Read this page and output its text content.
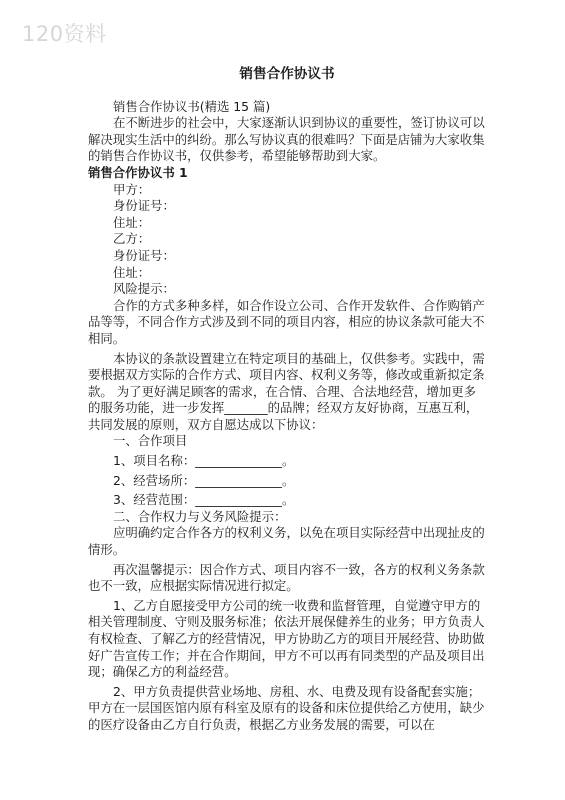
120资料

销售合作协议书

销售合作协议书(精选 15 篇)

在不断进步的社会中，大家逐渐认识到协议的重要性，签订协议可以解决现实生活中的纠纷。那么写协议真的很难吗？下面是店铺为大家收集的销售合作协议书，仅供参考，希望能够帮助到大家。

销售合作协议书 1

甲方：

身份证号：

住址：

乙方：

身份证号：

住址：

风险提示：

合作的方式多种多样，如合作设立公司、合作开发软件、合作购销产品等等，不同合作方式涉及到不同的项目内容，相应的协议条款可能大不相同。

本协议的条款设置建立在特定项目的基础上，仅供参考。实践中，需要根据双方实际的合作方式、项目内容、权利义务等，修改或重新拟定条款。 为了更好满足顾客的需求，在合情、合理、合法地经营，增加更多的服务功能，进一步发挥_______的品牌；经双方友好协商，互惠互利，共同发展的原则，双方自愿达成以下协议：

一、合作项目

1、项目名称：______________。

2、经营场所：______________。

3、经营范围：______________。

二、合作权力与义务风险提示：

应明确约定合作各方的权利义务，以免在项目实际经营中出现扯皮的情形。

再次温馨提示：因合作方式、项目内容不一致，各方的权利义务条款也不一致，应根据实际情况进行拟定。

1、乙方自愿接受甲方公司的统一收费和监督管理，自觉遵守甲方的相关管理制度、守则及服务标准；依法开展保健养生的业务；甲方负责人有权检查、了解乙方的经营情况，甲方协助乙方的项目开展经营、协助做好广告宣传工作；并在合作期间，甲方不可以再有同类型的产品及项目出现；确保乙方的利益经营。

2、甲方负责提供营业场地、房租、水、电费及现有设备配套实施；甲方在一层国医馆内原有科室及原有的设备和床位提供给乙方使用，缺少的医疗设备由乙方自行负责，根据乙方业务发展的需要，可以在
